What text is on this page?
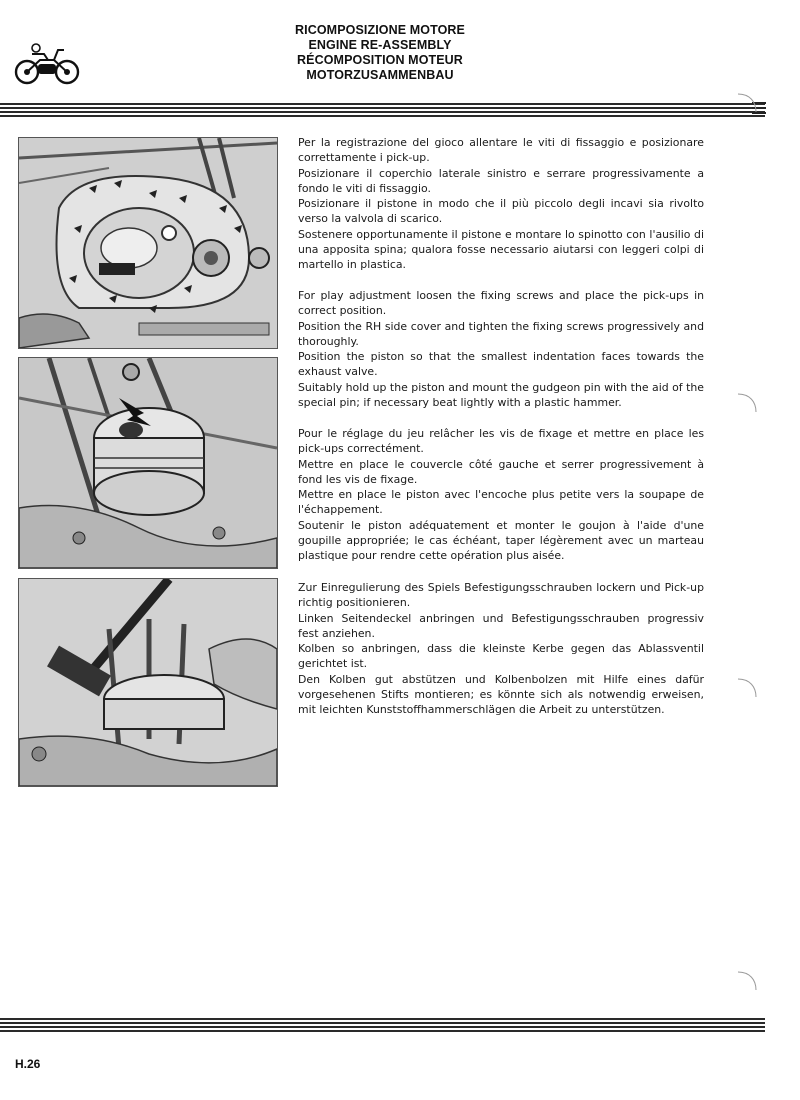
RICOMPOSIZIONE MOTORE
ENGINE RE-ASSEMBLY
RÉCOMPOSITION MOTEUR
MOTORZUSAMMENBAU

Per la registrazione del gioco allentare le viti di fissaggio e posizionare correttamente i pick-up.
Posizionare il coperchio laterale sinistro e serrare progressivamente a fondo le viti di fissaggio.
Posizionare il pistone in modo che il più piccolo degli incavi sia rivolto verso la valvola di scarico.
Sostenere opportunamente il pistone e montare lo spinotto con l'ausilio di una apposita spina; qualora fosse necessario aiutarsi con leggeri colpi di martello in plastica.

For play adjustment loosen the fixing screws and place the pick-ups in correct position.
Position the RH side cover and tighten the fixing screws progressively and thoroughly.
Position the piston so that the smallest indentation faces towards the exhaust valve.
Suitably hold up the piston and mount the gudgeon pin with the aid of the special pin; if necessary beat lightly with a plastic hammer.

Pour le réglage du jeu relâcher les vis de fixage et mettre en place les pick-ups correctément.
Mettre en place le couvercle côté gauche et serrer progressivement à fond les vis de fixage.
Mettre en place le piston avec l'encoche plus petite vers la soupape de l'échappement.
Soutenir le piston adéquatement et monter le goujon à l'aide d'une goupille appropriée; le cas échéant, taper légèrement avec un marteau plastique pour rendre cette opération plus aisée.

Zur Einregulierung des Spiels Befestigungsschrauben lockern und Pick-up richtig positionieren.
Linken Seitendeckel anbringen und Befestigungsschrauben progressiv fest anziehen.
Kolben so anbringen, dass die kleinste Kerbe gegen das Ablassventil gerichtet ist.
Den Kolben gut abstützen und Kolbenbolzen mit Hilfe eines dafür vorgesehenen Stifts montieren; es könnte sich als notwendig erweisen, mit leichten Kunststoffhammerschlägen die Arbeit zu unterstützen.

H.26
